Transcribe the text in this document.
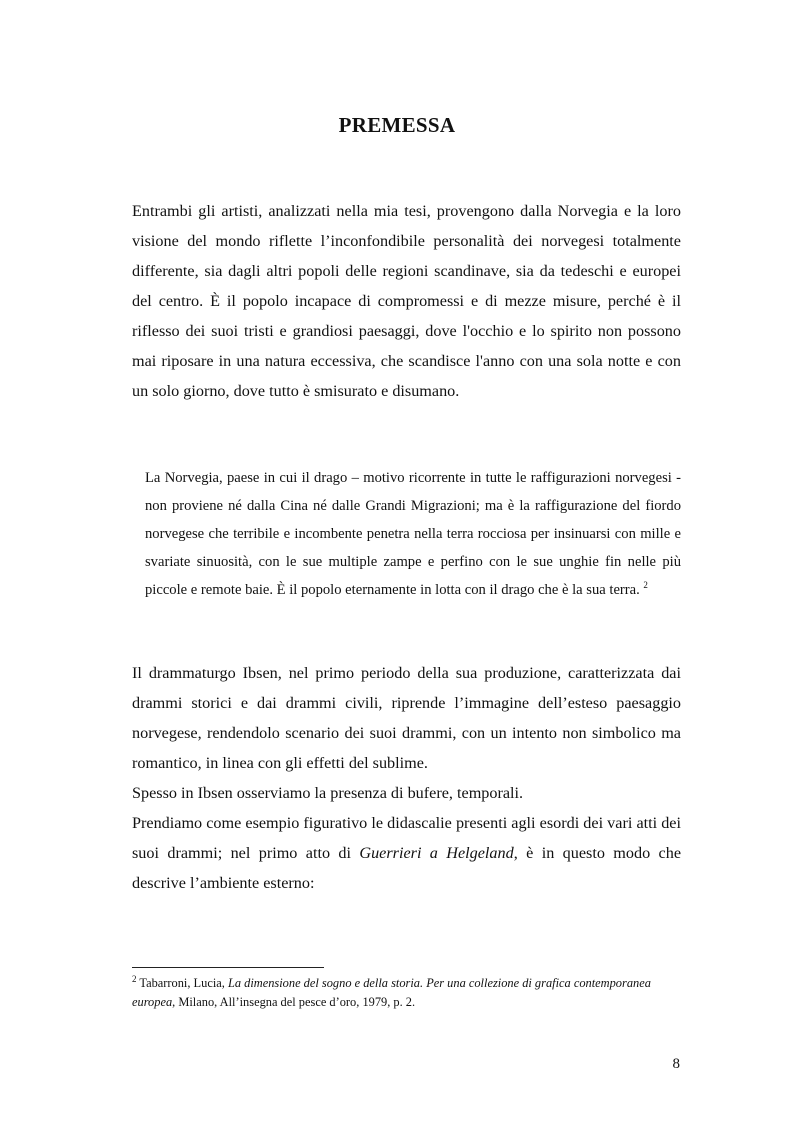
PREMESSA

Entrambi gli artisti, analizzati nella mia tesi, provengono dalla Norvegia e la loro visione del mondo riflette l’inconfondibile personalità dei norvegesi totalmente differente, sia dagli altri popoli delle regioni scandinave, sia da tedeschi e europei del centro. È il popolo incapace di compromessi e di mezze misure, perché è il riflesso dei suoi tristi e grandiosi paesaggi, dove l'occhio e lo spirito non possono mai riposare in una natura eccessiva, che scandisce l'anno con una sola notte e con un solo giorno, dove tutto è smisurato e disumano.

La Norvegia, paese in cui il drago – motivo ricorrente in tutte le raffigurazioni norvegesi - non proviene né dalla Cina né dalle Grandi Migrazioni; ma è la raffigurazione del fiordo norvegese che terribile e incombente penetra nella terra rocciosa per insinuarsi con mille e svariate sinuosità, con le sue multiple zampe e perfino con le sue unghie fin nelle più piccole e remote baie. È il popolo eternamente in lotta con il drago che è la sua terra. $^2$

Il drammaturgo Ibsen, nel primo periodo della sua produzione, caratterizzata dai drammi storici e dai drammi civili, riprende l’immagine dell’esteso paesaggio norvegese, rendendolo scenario dei suoi drammi, con un intento non simbolico ma romantico, in linea con gli effetti del sublime.
Spesso in Ibsen osserviamo la presenza di bufere, temporali.
Prendiamo come esempio figurativo le didascalie presenti agli esordi dei vari atti dei suoi drammi; nel primo atto di Guerrieri a Helgeland, è in questo modo che descrive l’ambiente esterno:

$^2$ Tabarroni, Lucia, La dimensione del sogno e della storia. Per una collezione di grafica contemporanea europea, Milano, All’insegna del pesce d’oro, 1979, p. 2.

8
